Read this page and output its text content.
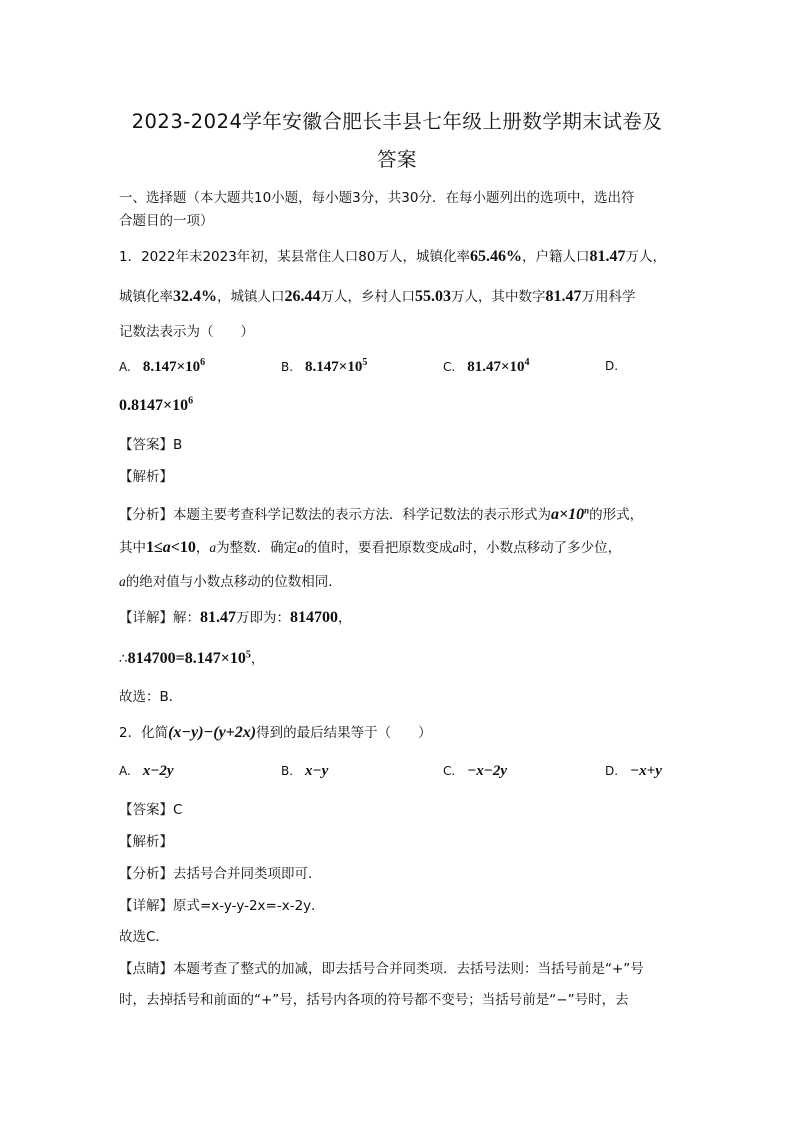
2023-2024学年安徽合肥长丰县七年级上册数学期末试卷及
答案
一、选择题（本大题共10小题，每小题3分，共30分．在每小题列出的选项中，选出符
合题目的一项）
1．2022年末2023年初，某县常住人口80万人，城镇化率65.46%，户籍人口81.47万人，
城镇化率32.4%，城镇人口26.44万人，乡村人口55.03万人，其中数字81.47万用科学
记数法表示为（　　）
A. $8.147\times 10^6$	B. $8.147\times 10^5$	C. $81.47\times 10^4$	D.
$0.8147\times 10^6$
【答案】B
【解析】
【分析】本题主要考查科学记数法的表示方法．科学记数法的表示形式为$a\times 10^n$的形式，
其中1≤a<10，a为整数．确定a的值时，要看把原数变成a时，小数点移动了多少位，
a的绝对值与小数点移动的位数相同．
【详解】解：81.47万即为：814700，
$\therefore 814700=8.147\times 10^5$，
故选：B．
2．化简(x−y)−(y+2x)得到的最后结果等于（　　）
A. x−2y	B. x−y	C. −x−2y	D. −x+y
【答案】C
【解析】
【分析】去括号合并同类项即可．
【详解】原式=x-y-y-2x=-x-2y．
故选C．
【点睛】本题考查了整式的加减，即去括号合并同类项．去括号法则：当括号前是“+”号
时，去掉括号和前面的“+”号，括号内各项的符号都不变号；当括号前是“−”号时，去
